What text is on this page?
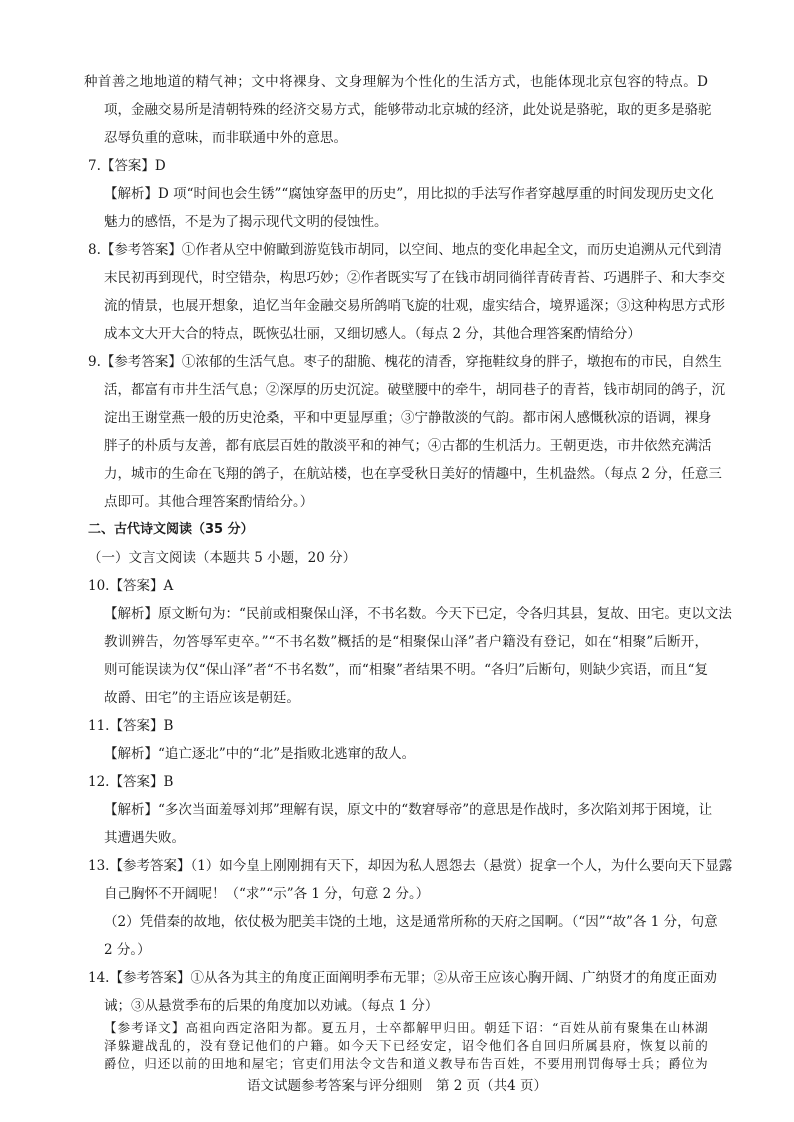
种首善之地地道的精气神；文中将裸身、文身理解为个性化的生活方式，也能体现北京包容的特点。D
项，金融交易所是清朝特殊的经济交易方式，能够带动北京城的经济，此处说是骆驼，取的更多是骆驼
忍辱负重的意味，而非联通中外的意思。
7.【答案】D
【解析】D 项“时间也会生锈”“腐蚀穿盔甲的历史”，用比拟的手法写作者穿越厚重的时间发现历史文化
魅力的感悟，不是为了揭示现代文明的侵蚀性。
8.【参考答案】①作者从空中俯瞰到游览钱市胡同，以空间、地点的变化串起全文，而历史追溯从元代到清
末民初再到现代，时空错杂，构思巧妙；②作者既实写了在钱市胡同徜徉青砖青苔、巧遇胖子、和大李交
流的情景，也展开想象，追忆当年金融交易所鸽哨飞旋的壮观，虚实结合，境界遥深；③这种构思方式形
成本文大开大合的特点，既恢弘壮丽，又细切感人。（每点 2 分，其他合理答案酌情给分）
9.【参考答案】①浓郁的生活气息。枣子的甜脆、槐花的清香，穿拖鞋纹身的胖子，墩抱布的市民，自然生
活，都富有市井生活气息；②深厚的历史沉淀。破壁腰中的牵牛，胡同巷子的青苔，钱市胡同的鸽子，沉
淀出王谢堂燕一般的历史沧桑，平和中更显厚重；③宁静散淡的气韵。都市闲人感慨秋凉的语调，裸身
胖子的朴质与友善，都有底层百姓的散淡平和的神气；④古都的生机活力。王朝更迭，市井依然充满活
力，城市的生命在飞翔的鸽子，在航站楼，也在享受秋日美好的情趣中，生机盎然。（每点 2 分，任意三
点即可。其他合理答案酌情给分。）
二、古代诗文阅读（35 分）
（一）文言文阅读（本题共 5 小题，20 分）
10.【答案】A
【解析】原文断句为：“民前或相聚保山泽，不书名数。今天下已定，令各归其县，复故、田宅。吏以文法
教训辨告，勿答辱军吏卒。”“不书名数”概括的是“相聚保山泽”者户籍没有登记，如在“相聚”后断开，
则可能误读为仅“保山泽”者“不书名数”，而“相聚”者结果不明。“各归”后断句，则缺少宾语，而且“复
故爵、田宅”的主语应该是朝廷。
11.【答案】B
【解析】“追亡逐北”中的“北”是指败北逃窜的敌人。
12.【答案】B
【解析】“多次当面羞辱刘邦”理解有误，原文中的“数窘辱帝”的意思是作战时，多次陷刘邦于困境，让
其遭遇失败。
13.【参考答案】（1）如今皇上刚刚拥有天下，却因为私人恩怨去（悬赏）捉拿一个人，为什么要向天下显露
自己胸怀不开阔呢！（“求”“示”各 1 分，句意 2 分。）
（2）凭借秦的故地，依仗极为肥美丰饶的土地，这是通常所称的天府之国啊。（“因”“故”各 1 分，句意
2 分。）
14.【参考答案】①从各为其主的角度正面阐明季布无罪；②从帝王应该心胸开阔、广纳贤才的角度正面劝
诫；③从悬赏季布的后果的角度加以劝诫。（每点 1 分）
【参考译文】高祖向西定洛阳为都。夏五月，士卒都解甲归田。朝廷下诏：“百姓从前有聚集在山林湖
泽躲避战乱的，没有登记他们的户籍。如今天下已经安定，诏令他们各自回归所属县府，恢复以前的
爵位，归还以前的田地和屋宅；官吏们用法令文告和道义教导布告百姓，不要用刑罚侮辱士兵；爵位为
语文试题参考答案与评分细则　第 2 页（共4 页）
